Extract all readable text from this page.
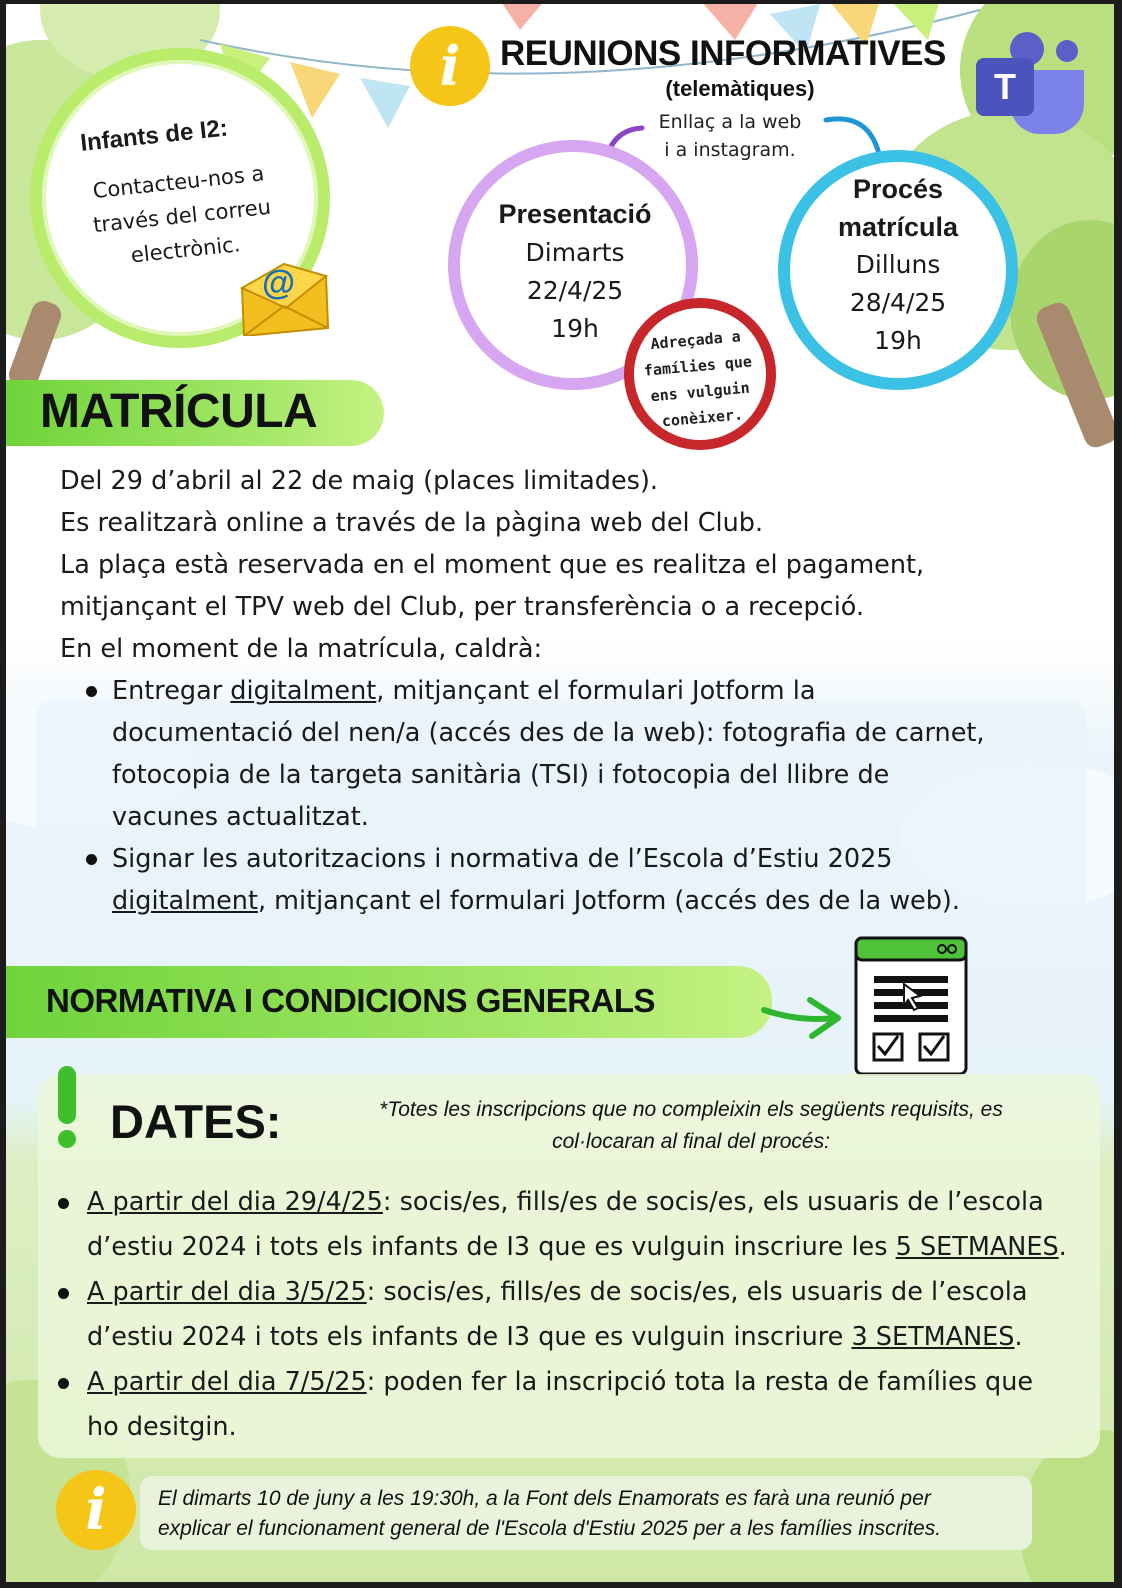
i REUNIONS INFORMATIVES
(telemàtiques)
Enllaç a la web
i a instagram.
T
Infants de I2:
Contacteu-nos a
través del correu
electrònic.
@
Presentació
Dimarts
22/4/25
19h
Procés
matrícula
Dilluns
28/4/25
19h
Adreçada a
famílies que
ens vulguin
conèixer.
MATRÍCULA

Del 29 d’abril al 22 de maig (places limitades).

Es realitzarà online a través de la pàgina web del Club.

La plaça està reservada en el moment que es realitza el pagament,

mitjançant el TPV web del Club, per transferència o a recepció.

En el moment de la matrícula, caldrà:

Entregar digitalment, mitjançant el formulari Jotform la
documentació del nen/a (accés des de la web): fotografia de carnet,
fotocopia de la targeta sanitària (TSI) i fotocopia del llibre de
vacunes actualitzat.
Signar les autoritzacions i normativa de l’Escola d’Estiu 2025
digitalment, mitjançant el formulari Jotform (accés des de la web).
NORMATIVA I CONDICIONS GENERALS
DATES:	*Totes les inscripcions que no compleixin els següents requisits, es
col·locaran al final del procés:
A partir del dia 29/4/25: socis/es, fills/es de socis/es, els usuaris de l’escola
d’estiu 2024 i tots els infants de I3 que es vulguin inscriure les 5 SETMANES.
A partir del dia 3/5/25: socis/es, fills/es de socis/es, els usuaris de l’escola
d’estiu 2024 i tots els infants de I3 que es vulguin inscriure 3 SETMANES.
A partir del dia 7/5/25: poden fer la inscripció tota la resta de famílies que
ho desitgin.
i El dimarts 10 de juny a les 19:30h, a la Font dels Enamorats es farà una reunió per
explicar el funcionament general de l'Escola d'Estiu 2025 per a les famílies inscrites.
